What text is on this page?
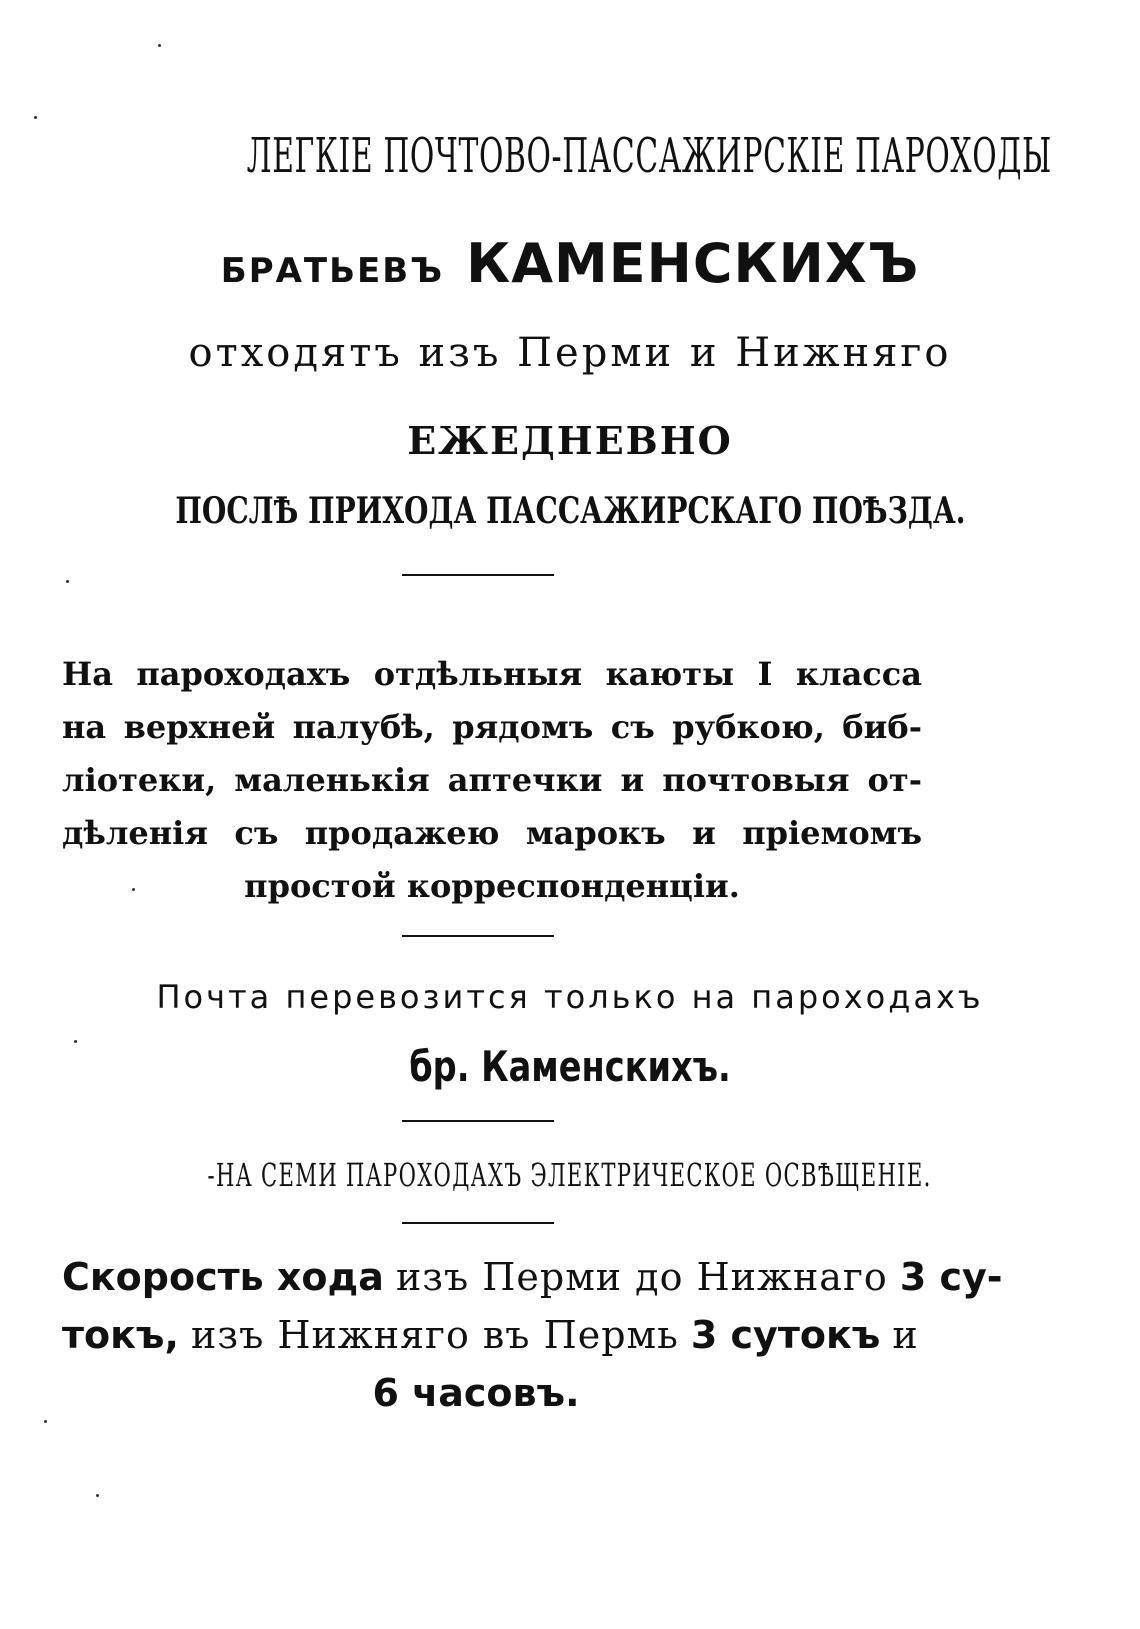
ЛЕГКІЕ ПОЧТОВО-ПАССАЖИРСКІЕ ПАРОХОДЫ
БРАТЬЕВЪ КАМЕНСКИХЪ
отходятъ изъ Перми и Нижняго
ЕЖЕДНЕВНО
ПОСЛѢ ПРИХОДА ПАССАЖИРСКАГО ПОѢЗДА.
На пароходахъ отдѣльныя каюты I класса
на верхней палубѣ, рядомъ съ рубкою, биб-
ліотеки, маленькія аптечки и почтовыя от-
дѣленія съ продажею марокъ и пріемомъ
простой корреспонденціи.
Почта перевозится только на пароходахъ
бр. Каменскихъ.
-НА СЕМИ ПАРОХОДАХЪ ЭЛЕКТРИЧЕСКОЕ ОСВѢЩЕНІЕ.
Скорость хода изъ Перми до Нижнаго 3 су-
токъ, изъ Нижняго въ Пермь 3 сутокъ и
6 часовъ.
